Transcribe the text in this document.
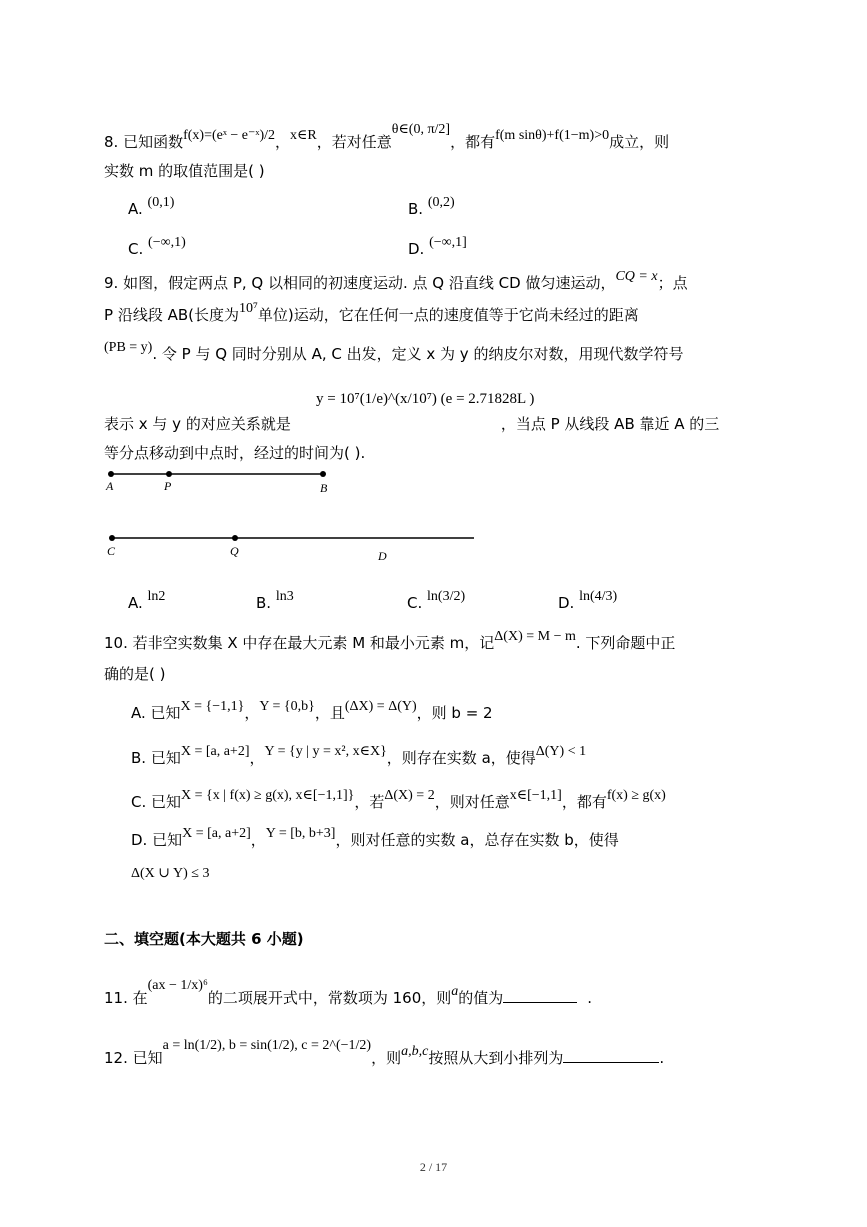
8. 已知函数f(x)=(eˣ − e⁻ˣ)/2，x∈R，若对任意θ∈(0, π/2]，都有f(m sinθ)+f(1−m)>0成立，则
实数 m 的取值范围是( )
A. (0,1)	B. (0,2)
C. (−∞,1)	D. (−∞,1]
9. 如图，假定两点 P, Q 以相同的初速度运动. 点 Q 沿直线 CD 做匀速运动，CQ = x；点
P 沿线段 AB(长度为10⁷单位)运动，它在任何一点的速度值等于它尚未经过的距离
(PB = y). 令 P 与 Q 同时分别从 A, C 出发，定义 x 为 y 的纳皮尔对数，用现代数学符号
y = 10⁷(1/e)^(x/10⁷) (e = 2.71828L )
表示 x 与 y 的对应关系就是	，当点 P 从线段 AB 靠近 A 的三
等分点移动到中点时，经过的时间为( ).
A	P	B
C	Q	D
A. ln2	B. ln3	C. ln(3/2)	D. ln(4/3)
10. 若非空实数集 X 中存在最大元素 M 和最小元素 m，记Δ(X) = M − m. 下列命题中正
确的是( )
A. 已知X = {−1,1}，Y = {0,b}，且(ΔX) = Δ(Y)，则 b = 2
B. 已知X = [a, a+2]，Y = {y | y = x², x∈X}，则存在实数 a，使得Δ(Y) < 1
C. 已知X = {x | f(x) ≥ g(x), x∈[−1,1]}，若Δ(X) = 2，则对任意x∈[−1,1]，都有f(x) ≥ g(x)
D. 已知X = [a, a+2]，Y = [b, b+3]，则对任意的实数 a，总存在实数 b，使得
Δ(X ∪ Y) ≤ 3
二、填空题(本大题共 6 小题)
11. 在(ax − 1/x)⁶的二项展开式中，常数项为 160，则a的值为	.
12. 已知a = ln(1/2), b = sin(1/2), c = 2^(−1/2)，则a,b,c按照从大到小排列为	.
2 / 17
